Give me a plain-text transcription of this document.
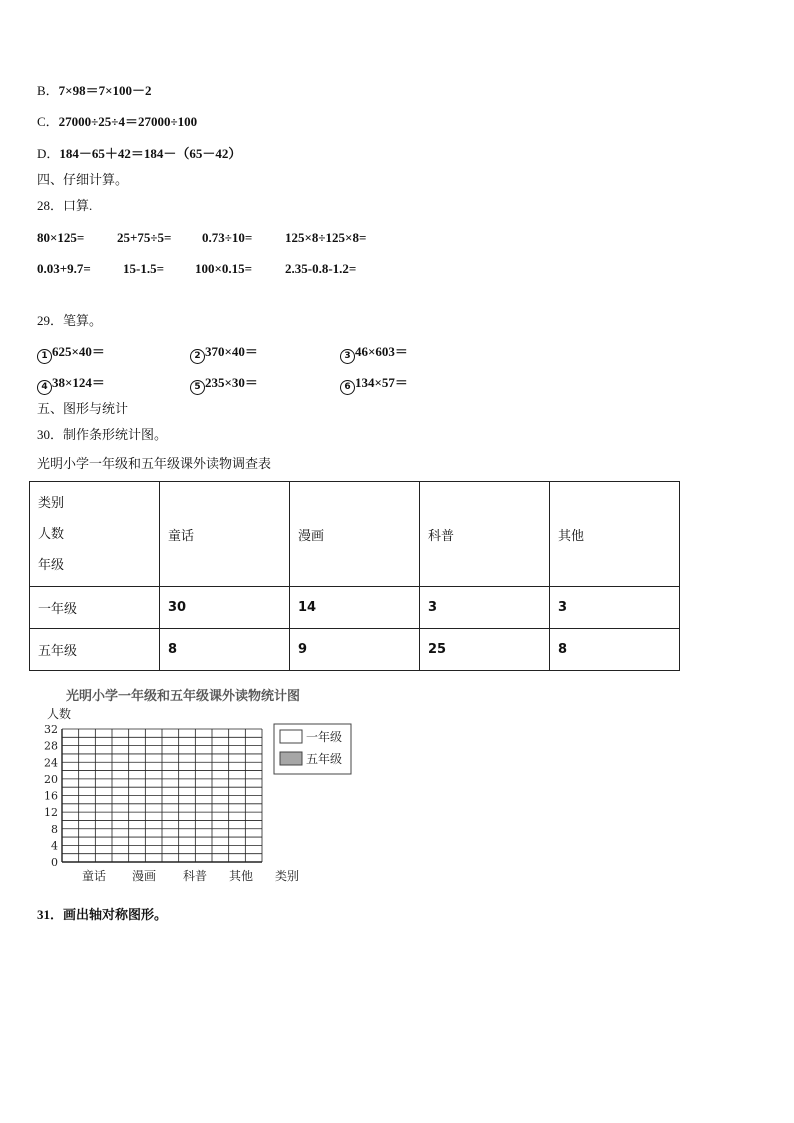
B．7×98＝7×100－2
C．27000÷25÷4＝27000÷100
D．184－65＋42＝184－（65－42）
四、仔细计算。
28．口算.
80×125=	25+75÷5= 0.73÷10=	125×8÷125×8=
0.03+9.7= 15-1.5= 100×0.15=	2.35-0.8-1.2=
29．笔算。
1 625×40＝	2 370×40＝	3 46×603＝
4 38×124＝	5 235×30＝	6 134×57＝
五、图形与统计
30．制作条形统计图。
光明小学一年级和五年级课外读物调查表
类别
人数
年级	童话	漫画	科普	其他
一年级	30	14	3	3
五年级	8	9	25	8
光明小学一年级和五年级课外读物统计图
0
4
8
12
16
20
24
28
32
人数
童话 漫画 科普 其他 类别
一年级
五年级
31．画出轴对称图形。
